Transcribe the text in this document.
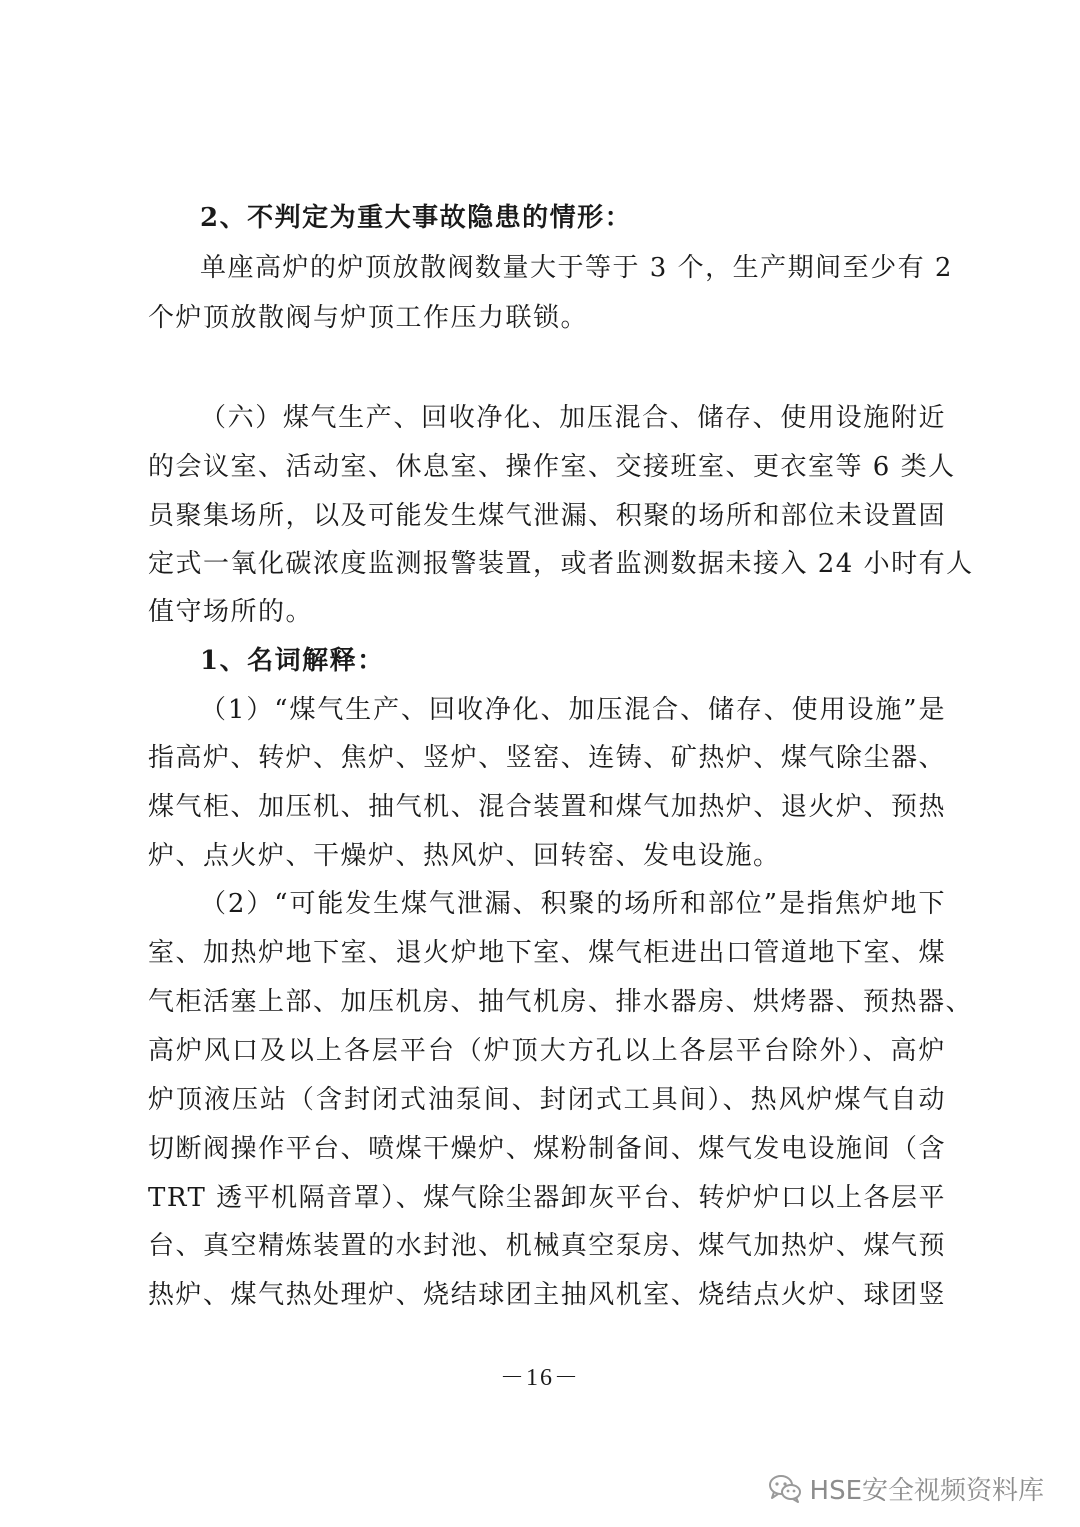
2、不判定为重大事故隐患的情形：
单座高炉的炉顶放散阀数量大于等于 3 个，生产期间至少有 2
个炉顶放散阀与炉顶工作压力联锁。
（六）煤气生产、回收净化、加压混合、储存、使用设施附近
的会议室、活动室、休息室、操作室、交接班室、更衣室等 6 类人
员聚集场所，以及可能发生煤气泄漏、积聚的场所和部位未设置固
定式一氧化碳浓度监测报警装置，或者监测数据未接入 24 小时有人
值守场所的。
1、名词解释：
（1）“煤气生产、回收净化、加压混合、储存、使用设施”是
指高炉、转炉、焦炉、竖炉、竖窑、连铸、矿热炉、煤气除尘器、
煤气柜、加压机、抽气机、混合装置和煤气加热炉、退火炉、预热
炉、点火炉、干燥炉、热风炉、回转窑、发电设施。
（2）“可能发生煤气泄漏、积聚的场所和部位”是指焦炉地下
室、加热炉地下室、退火炉地下室、煤气柜进出口管道地下室、煤
气柜活塞上部、加压机房、抽气机房、排水器房、烘烤器、预热器、
高炉风口及以上各层平台（炉顶大方孔以上各层平台除外）、高炉
炉顶液压站（含封闭式油泵间、封闭式工具间）、热风炉煤气自动
切断阀操作平台、喷煤干燥炉、煤粉制备间、煤气发电设施间（含
TRT 透平机隔音罩）、煤气除尘器卸灰平台、转炉炉口以上各层平
台、真空精炼装置的水封池、机械真空泵房、煤气加热炉、煤气预
热炉、煤气热处理炉、烧结球团主抽风机室、烧结点火炉、球团竖
－16－
HSE安全视频资料库
